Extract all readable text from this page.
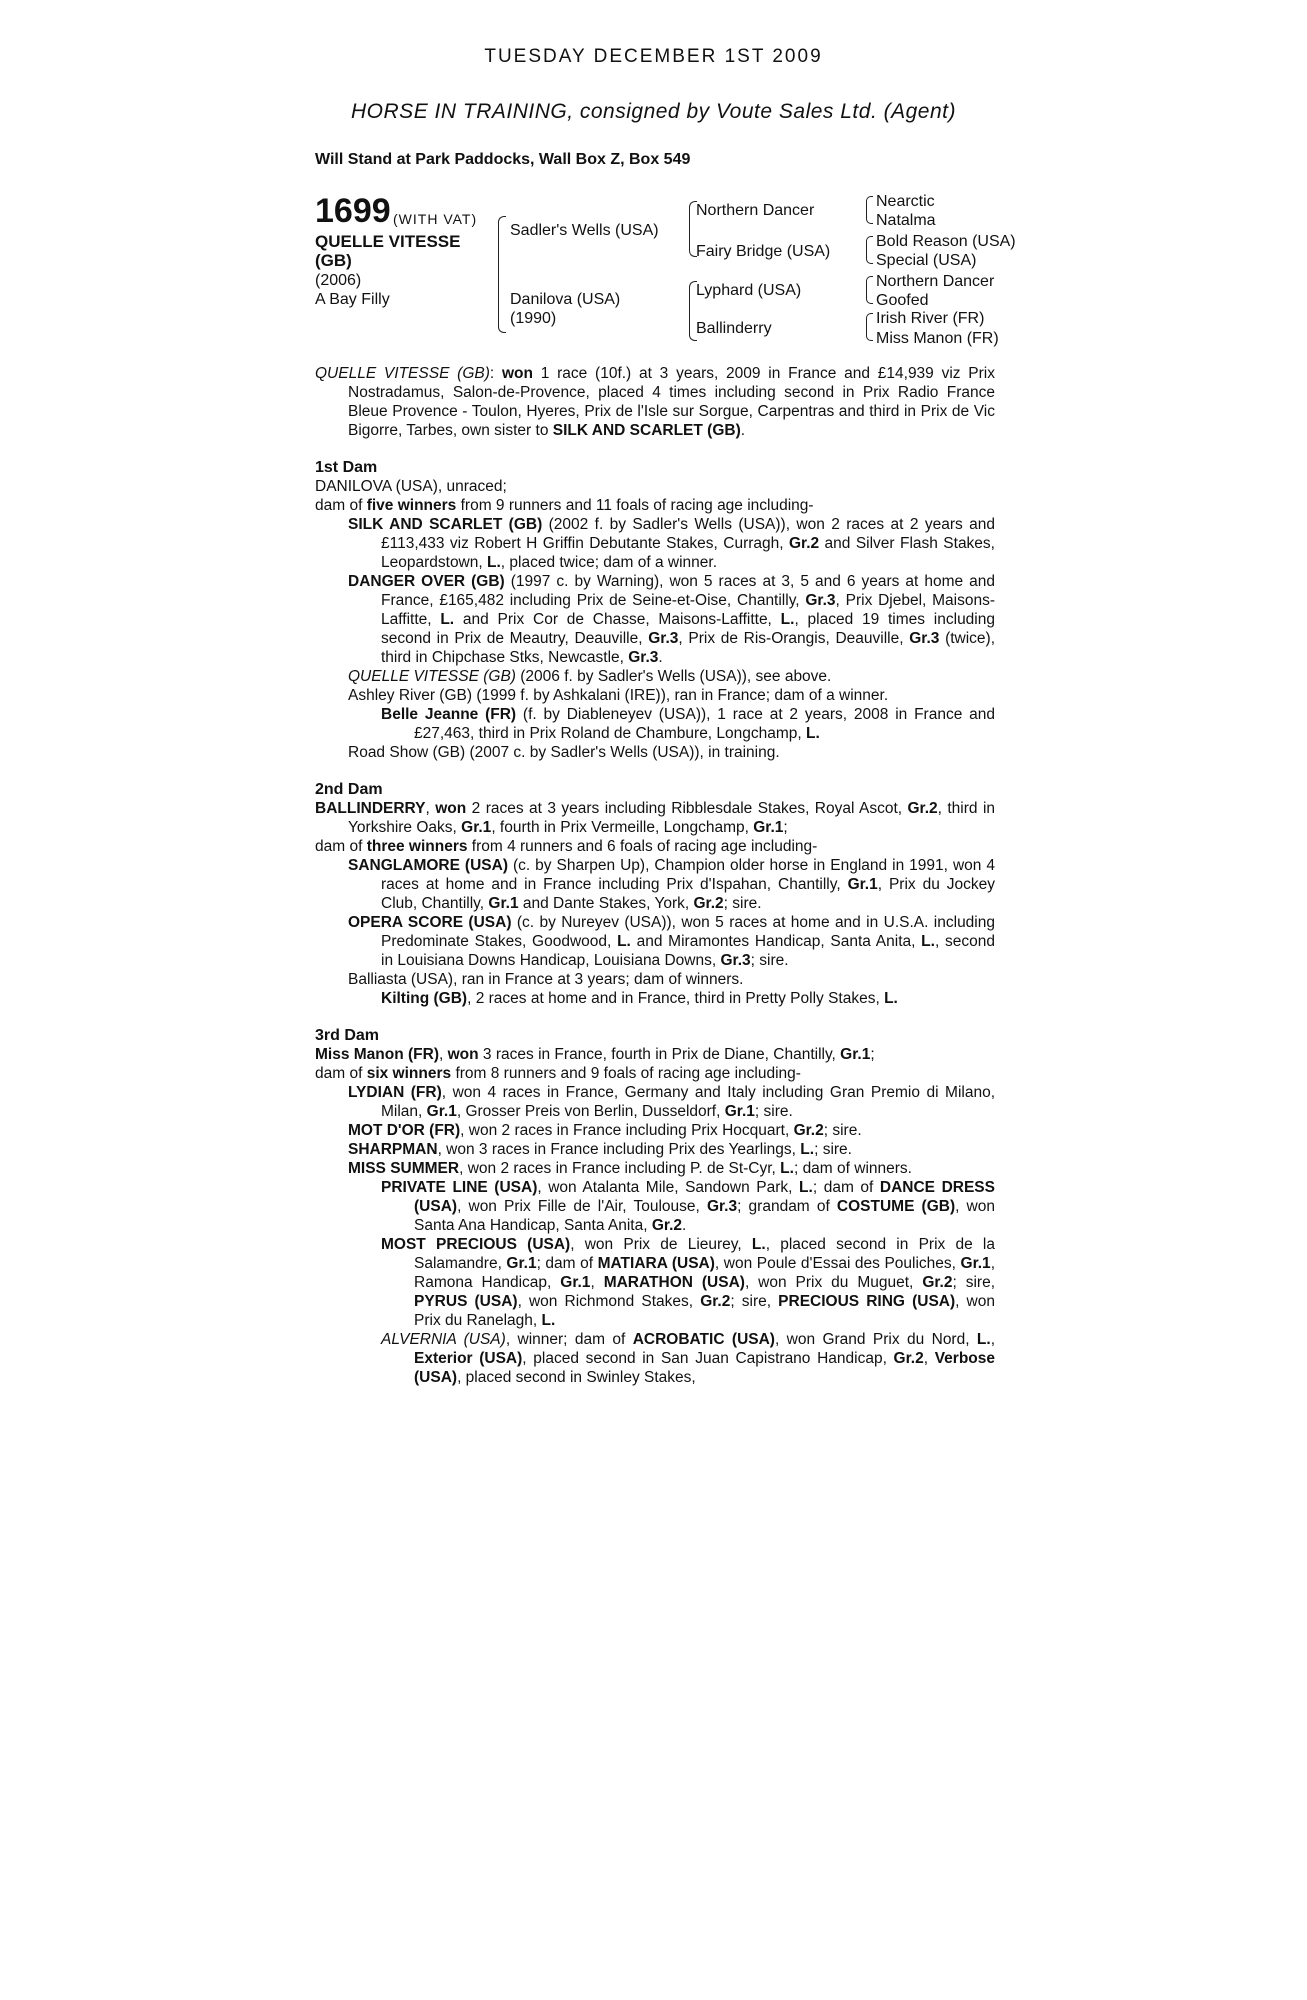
TUESDAY DECEMBER 1ST 2009
HORSE IN TRAINING, consigned by Voute Sales Ltd. (Agent)
Will Stand at Park Paddocks, Wall Box Z, Box 549
1699 (WITH VAT)
QUELLE VITESSE
(GB)
(2006)
A Bay Filly
Sadler's Wells (USA)
Danilova (USA)
(1990)
Northern Dancer
Fairy Bridge (USA)
Lyphard (USA)
Ballinderry
Nearctic
Natalma
Bold Reason (USA)
Special (USA)
Northern Dancer
Goofed
Irish River (FR)
Miss Manon (FR)

QUELLE VITESSE (GB): won 1 race (10f.) at 3 years, 2009 in France and £14,939 viz Prix Nostradamus, Salon-de-Provence, placed 4 times including second in Prix Radio France Bleue Provence - Toulon, Hyeres, Prix de l'Isle sur Sorgue, Carpentras and third in Prix de Vic Bigorre, Tarbes, own sister to SILK AND SCARLET (GB).

1st Dam

DANILOVA (USA), unraced;

dam of five winners from 9 runners and 11 foals of racing age including-

SILK AND SCARLET (GB) (2002 f. by Sadler's Wells (USA)), won 2 races at 2 years and £113,433 viz Robert H Griffin Debutante Stakes, Curragh, Gr.2 and Silver Flash Stakes, Leopardstown, L., placed twice; dam of a winner.

DANGER OVER (GB) (1997 c. by Warning), won 5 races at 3, 5 and 6 years at home and France, £165,482 including Prix de Seine-et-Oise, Chantilly, Gr.3, Prix Djebel, Maisons-Laffitte, L. and Prix Cor de Chasse, Maisons-Laffitte, L., placed 19 times including second in Prix de Meautry, Deauville, Gr.3, Prix de Ris-Orangis, Deauville, Gr.3 (twice), third in Chipchase Stks, Newcastle, Gr.3.

QUELLE VITESSE (GB) (2006 f. by Sadler's Wells (USA)), see above.

Ashley River (GB) (1999 f. by Ashkalani (IRE)), ran in France; dam of a winner.

Belle Jeanne (FR) (f. by Diableneyev (USA)), 1 race at 2 years, 2008 in France and £27,463, third in Prix Roland de Chambure, Longchamp, L.

Road Show (GB) (2007 c. by Sadler's Wells (USA)), in training.

2nd Dam

BALLINDERRY, won 2 races at 3 years including Ribblesdale Stakes, Royal Ascot, Gr.2, third in Yorkshire Oaks, Gr.1, fourth in Prix Vermeille, Longchamp, Gr.1;

dam of three winners from 4 runners and 6 foals of racing age including-

SANGLAMORE (USA) (c. by Sharpen Up), Champion older horse in England in 1991, won 4 races at home and in France including Prix d'Ispahan, Chantilly, Gr.1, Prix du Jockey Club, Chantilly, Gr.1 and Dante Stakes, York, Gr.2; sire.

OPERA SCORE (USA) (c. by Nureyev (USA)), won 5 races at home and in U.S.A. including Predominate Stakes, Goodwood, L. and Miramontes Handicap, Santa Anita, L., second in Louisiana Downs Handicap, Louisiana Downs, Gr.3; sire.

Balliasta (USA), ran in France at 3 years; dam of winners.

Kilting (GB), 2 races at home and in France, third in Pretty Polly Stakes, L.

3rd Dam

Miss Manon (FR), won 3 races in France, fourth in Prix de Diane, Chantilly, Gr.1;

dam of six winners from 8 runners and 9 foals of racing age including-

LYDIAN (FR), won 4 races in France, Germany and Italy including Gran Premio di Milano, Milan, Gr.1, Grosser Preis von Berlin, Dusseldorf, Gr.1; sire.

MOT D'OR (FR), won 2 races in France including Prix Hocquart, Gr.2; sire.

SHARPMAN, won 3 races in France including Prix des Yearlings, L.; sire.

MISS SUMMER, won 2 races in France including P. de St-Cyr, L.; dam of winners.

PRIVATE LINE (USA), won Atalanta Mile, Sandown Park, L.; dam of DANCE DRESS (USA), won Prix Fille de l'Air, Toulouse, Gr.3; grandam of COSTUME (GB), won Santa Ana Handicap, Santa Anita, Gr.2.

MOST PRECIOUS (USA), won Prix de Lieurey, L., placed second in Prix de la Salamandre, Gr.1; dam of MATIARA (USA), won Poule d'Essai des Pouliches, Gr.1, Ramona Handicap, Gr.1, MARATHON (USA), won Prix du Muguet, Gr.2; sire, PYRUS (USA), won Richmond Stakes, Gr.2; sire, PRECIOUS RING (USA), won Prix du Ranelagh, L.

ALVERNIA (USA), winner; dam of ACROBATIC (USA), won Grand Prix du Nord, L., Exterior (USA), placed second in San Juan Capistrano Handicap, Gr.2, Verbose (USA), placed second in Swinley Stakes,
